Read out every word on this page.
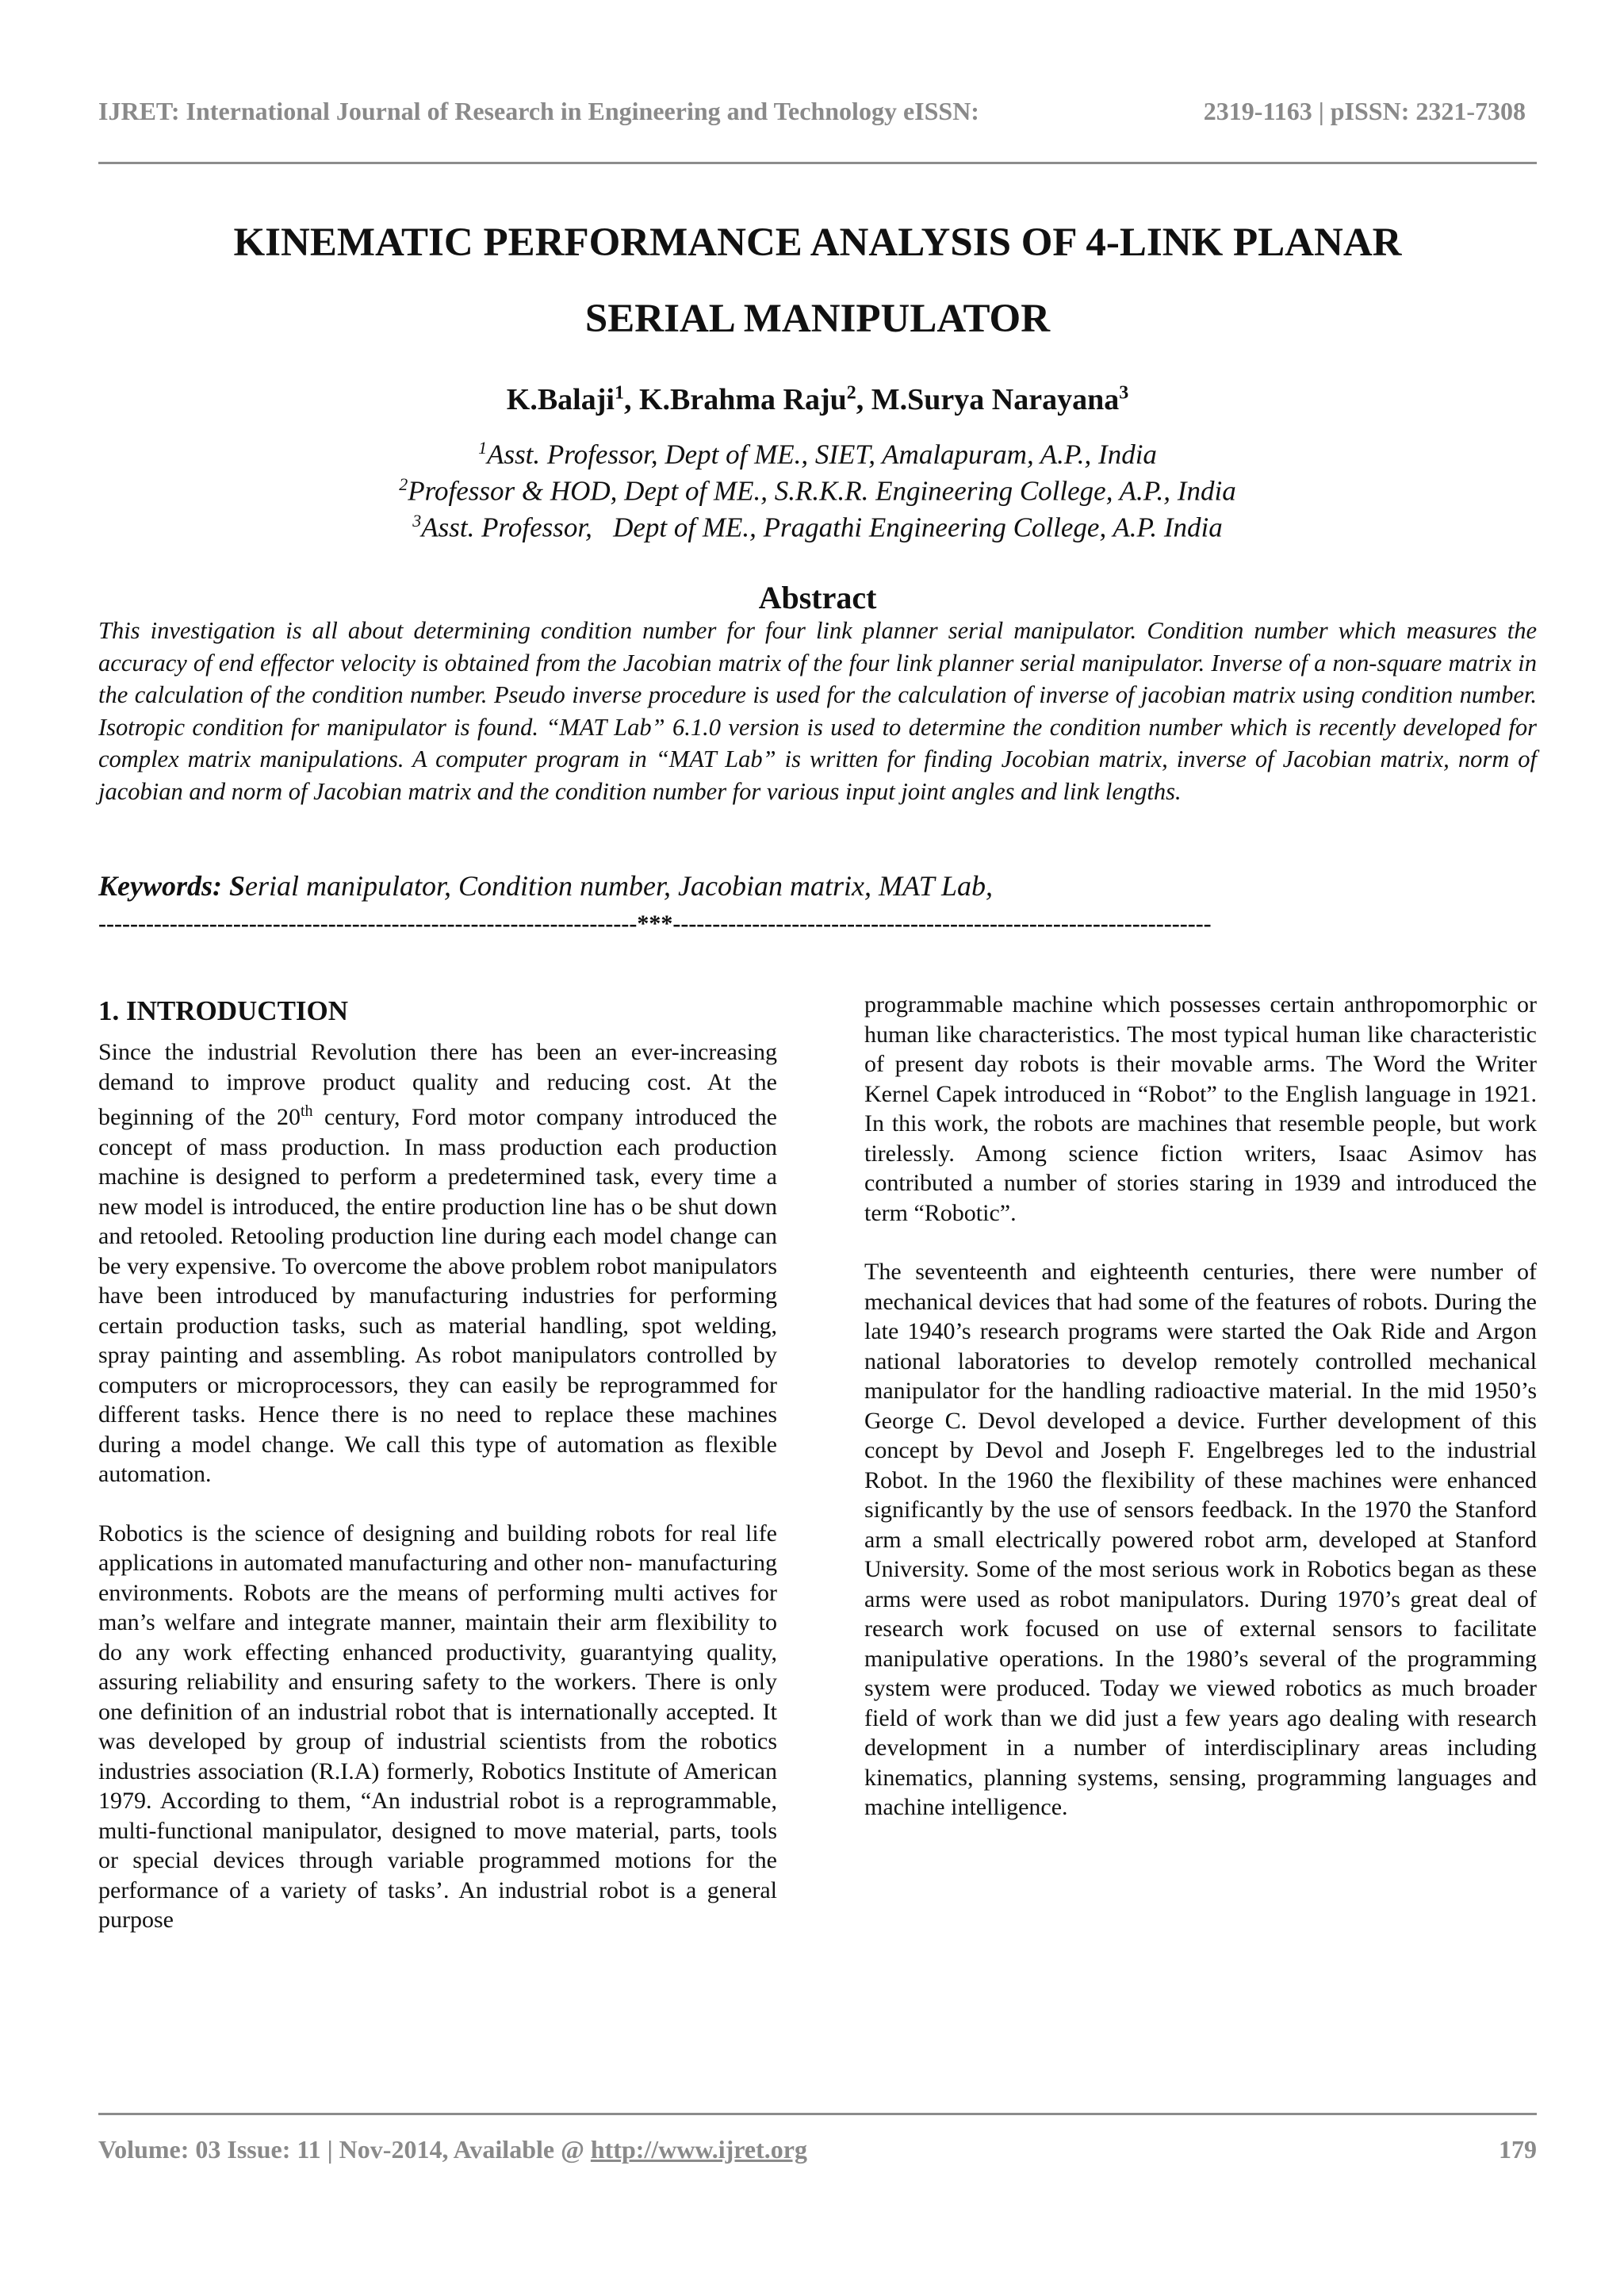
IJRET: International Journal of Research in Engineering and Technology eISSN:	2319-1163 | pISSN: 2321-7308
KINEMATIC PERFORMANCE ANALYSIS OF 4-LINK PLANAR
SERIAL MANIPULATOR
K.Balaji$^1$, K.Brahma Raju$^2$, M.Surya Narayana$^3$
$^1$Asst. Professor, Dept of ME., SIET, Amalapuram, A.P., India
$^2$Professor & HOD, Dept of ME., S.R.K.R. Engineering College, A.P., India
$^3$Asst. Professor,   Dept of ME., Pragathi Engineering College, A.P. India
Abstract
This investigation is all about determining condition number for four link planner serial manipulator. Condition number which measures the accuracy of end effector velocity is obtained from the Jacobian matrix of the four link planner serial manipulator. Inverse of a non-square matrix in the calculation of the condition number. Pseudo inverse procedure is used for the calculation of inverse of jacobian matrix using condition number. Isotropic condition for manipulator is found. “MAT Lab” 6.1.0 version is used to determine the condition number which is recently developed for complex matrix manipulations. A computer program in “MAT Lab” is written for finding Jocobian matrix, inverse of Jacobian matrix, norm of jacobian and norm of Jacobian matrix and the condition number for various input joint angles and link lengths.
Keywords: Serial manipulator, Condition number, Jacobian matrix, MAT Lab,
--------------------------------------------------------------------***--------------------------------------------------------------------
1. INTRODUCTION

Since the industrial Revolution there has been an ever-increasing demand to improve product quality and reducing cost. At the beginning of the 20th century, Ford motor company introduced the concept of mass production. In mass production each production machine is designed to perform a predetermined task, every time a new model is introduced, the entire production line has o be shut down and retooled. Retooling production line during each model change can be very expensive. To overcome the above problem robot manipulators have been introduced by manufacturing industries for performing certain production tasks, such as material handling, spot welding, spray painting and assembling. As robot manipulators controlled by computers or microprocessors, they can easily be reprogrammed for different tasks. Hence there is no need to replace these machines during a model change. We call this type of automation as flexible automation.

Robotics is the science of designing and building robots for real life applications in automated manufacturing and other non- manufacturing environments. Robots are the means of performing multi actives for man’s welfare and integrate manner, maintain their arm flexibility to do any work effecting enhanced productivity, guarantying quality, assuring reliability and ensuring safety to the workers. There is only one definition of an industrial robot that is internationally accepted. It was developed by group of industrial scientists from the robotics industries association (R.I.A) formerly, Robotics Institute of American 1979. According to them, “An industrial robot is a reprogrammable, multi-functional manipulator, designed to move material, parts, tools or special devices through variable programmed motions for the performance of a variety of tasks’. An industrial robot is a general purpose

programmable machine which possesses certain anthropomorphic or human like characteristics. The most typical human like characteristic of present day robots is their movable arms. The Word the Writer Kernel Capek introduced in “Robot” to the English language in 1921. In this work, the robots are machines that resemble people, but work tirelessly. Among science fiction writers, Isaac Asimov has contributed a number of stories staring in 1939 and introduced the term “Robotic”.

The seventeenth and eighteenth centuries, there were number of mechanical devices that had some of the features of robots. During the late 1940’s research programs were started the Oak Ride and Argon national laboratories to develop remotely controlled mechanical manipulator for the handling radioactive material. In the mid 1950’s George C. Devol developed a device. Further development of this concept by Devol and Joseph F. Engelbreges led to the industrial Robot. In the 1960 the flexibility of these machines were enhanced significantly by the use of sensors feedback. In the 1970 the Stanford arm a small electrically powered robot arm, developed at Stanford University. Some of the most serious work in Robotics began as these arms were used as robot manipulators. During 1970’s great deal of research work focused on use of external sensors to facilitate manipulative operations. In the 1980’s several of the programming system were produced. Today we viewed robotics as much broader field of work than we did just a few years ago dealing with research development in a number of interdisciplinary areas including kinematics, planning systems, sensing, programming languages and machine intelligence.

Volume: 03 Issue: 11 | Nov-2014, Available @ http://www.ijret.org	179
